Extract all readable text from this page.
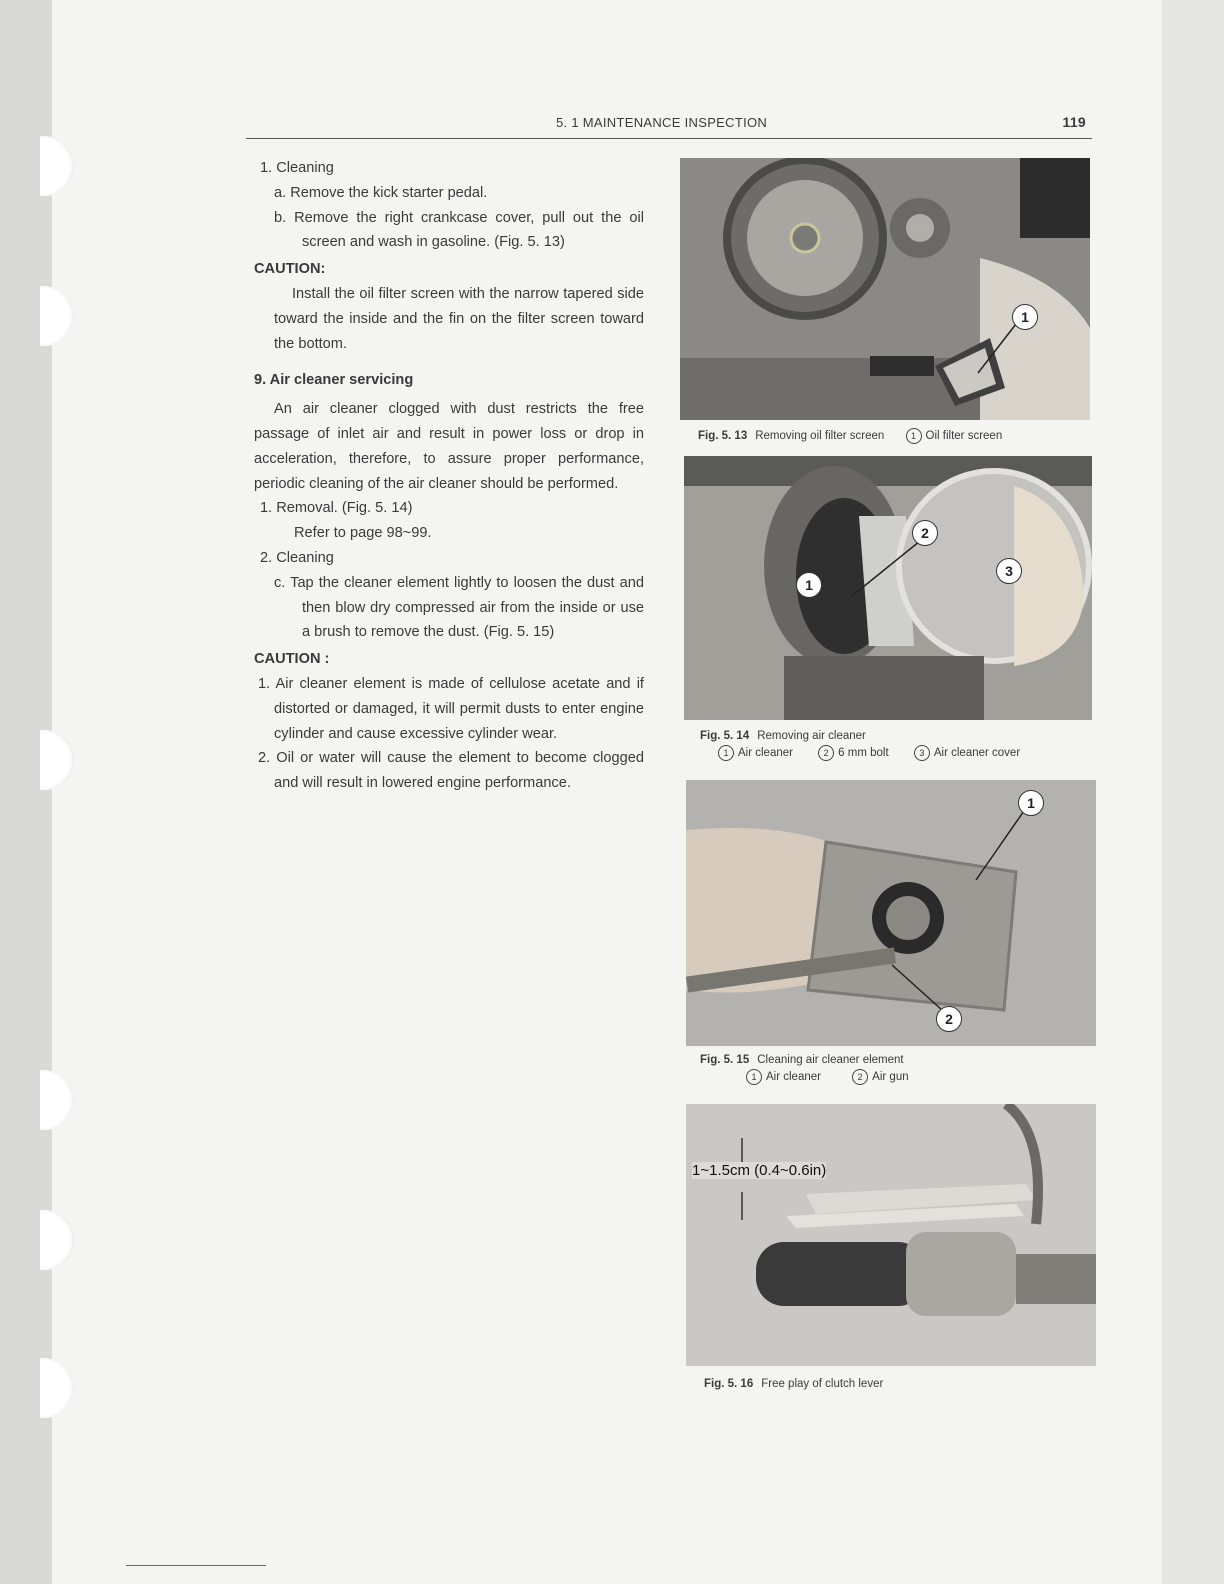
5. 1 MAINTENANCE INSPECTION	119

1. Cleaning

a. Remove the kick starter pedal.

b. Remove the right crankcase cover, pull out the oil screen and wash in gasoline. (Fig. 5. 13)

CAUTION:

Install the oil filter screen with the narrow tapered side toward the inside and the fin on the filter screen toward the bottom.

9. Air cleaner servicing

An air cleaner clogged with dust restricts the free passage of inlet air and result in power loss or drop in acceleration, therefore, to assure proper performance, periodic cleaning of the air cleaner should be performed.

1. Removal. (Fig. 5. 14)

Refer to page 98~99.

2. Cleaning

c. Tap the cleaner element lightly to loosen the dust and then blow dry compressed air from the inside or use a brush to remove the dust. (Fig. 5. 15)

CAUTION :

1. Air cleaner element is made of cellulose acetate and if distorted or damaged, it will permit dusts to enter engine cylinder and cause excessive cylinder wear.

2. Oil or water will cause the element to become clogged and will result in lowered engine performance.

1
Fig. 5. 13 Removing oil filter screen	1 Oil filter screen
1
2
3
Fig. 5. 14 Removing air cleaner
1 Air cleaner	2 6 mm bolt	3 Air cleaner cover
1
2
Fig. 5. 15 Cleaning air cleaner element
1 Air cleaner	2 Air gun
1~1.5cm (0.4~0.6in)
Fig. 5. 16 Free play of clutch lever
